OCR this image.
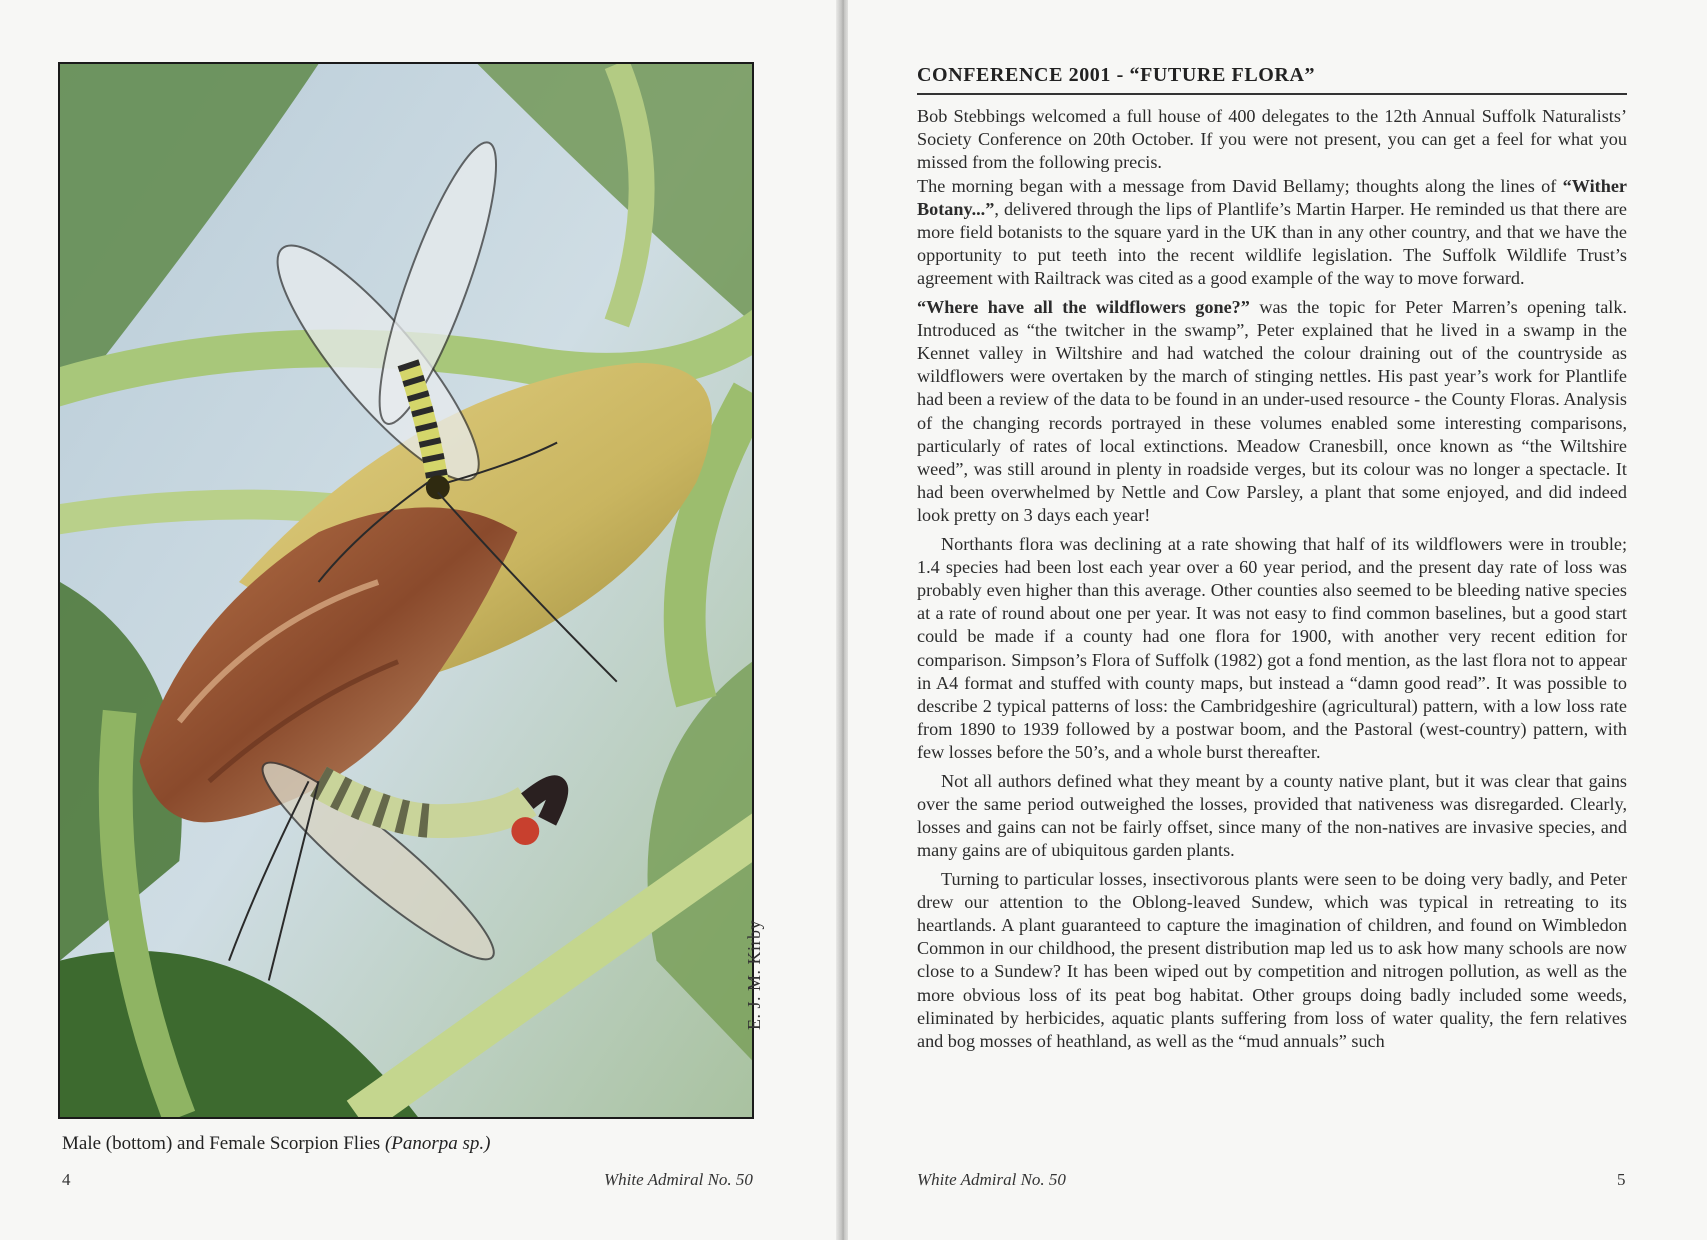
E. J. M. Kirby
Male (bottom) and Female Scorpion Flies (Panorpa sp.)
4	White Admiral No. 50
CONFERENCE 2001 - “FUTURE FLORA”

Bob Stebbings welcomed a full house of 400 delegates to the 12th Annual Suffolk Naturalists’ Society Conference on 20th October. If you were not present, you can get a feel for what you missed from the following precis.

The morning began with a message from David Bellamy; thoughts along the lines of “Wither Botany...”, delivered through the lips of Plantlife’s Martin Harper. He reminded us that there are more field botanists to the square yard in the UK than in any other country, and that we have the opportunity to put teeth into the recent wildlife legislation. The Suffolk Wildlife Trust’s agreement with Railtrack was cited as a good example of the way to move forward.

“Where have all the wildflowers gone?” was the topic for Peter Marren’s opening talk. Introduced as “the twitcher in the swamp”, Peter explained that he lived in a swamp in the Kennet valley in Wiltshire and had watched the colour draining out of the countryside as wildflowers were overtaken by the march of stinging nettles. His past year’s work for Plantlife had been a review of the data to be found in an under-used resource - the County Floras. Analysis of the changing records portrayed in these volumes enabled some interesting comparisons, particularly of rates of local extinctions. Meadow Cranesbill, once known as “the Wiltshire weed”, was still around in plenty in roadside verges, but its colour was no longer a spectacle. It had been overwhelmed by Nettle and Cow Parsley, a plant that some enjoyed, and did indeed look pretty on 3 days each year!

Northants flora was declining at a rate showing that half of its wildflowers were in trouble; 1.4 species had been lost each year over a 60 year period, and the present day rate of loss was probably even higher than this average. Other counties also seemed to be bleeding native species at a rate of round about one per year. It was not easy to find common baselines, but a good start could be made if a county had one flora for 1900, with another very recent edition for comparison. Simpson’s Flora of Suffolk (1982) got a fond mention, as the last flora not to appear in A4 format and stuffed with county maps, but instead a “damn good read”. It was possible to describe 2 typical patterns of loss: the Cambridgeshire (agricultural) pattern, with a low loss rate from 1890 to 1939 followed by a postwar boom, and the Pastoral (west-country) pattern, with few losses before the 50’s, and a whole burst thereafter.

Not all authors defined what they meant by a county native plant, but it was clear that gains over the same period outweighed the losses, provided that nativeness was disregarded. Clearly, losses and gains can not be fairly offset, since many of the non-natives are invasive species, and many gains are of ubiquitous garden plants.

Turning to particular losses, insectivorous plants were seen to be doing very badly, and Peter drew our attention to the Oblong-leaved Sundew, which was typical in retreating to its heartlands. A plant guaranteed to capture the imagination of children, and found on Wimbledon Common in our childhood, the present distribution map led us to ask how many schools are now close to a Sundew? It has been wiped out by competition and nitrogen pollution, as well as the more obvious loss of its peat bog habitat. Other groups doing badly included some weeds, eliminated by herbicides, aquatic plants suffering from loss of water quality, the fern relatives and bog mosses of heathland, as well as the “mud annuals” such

White Admiral No. 50	5
